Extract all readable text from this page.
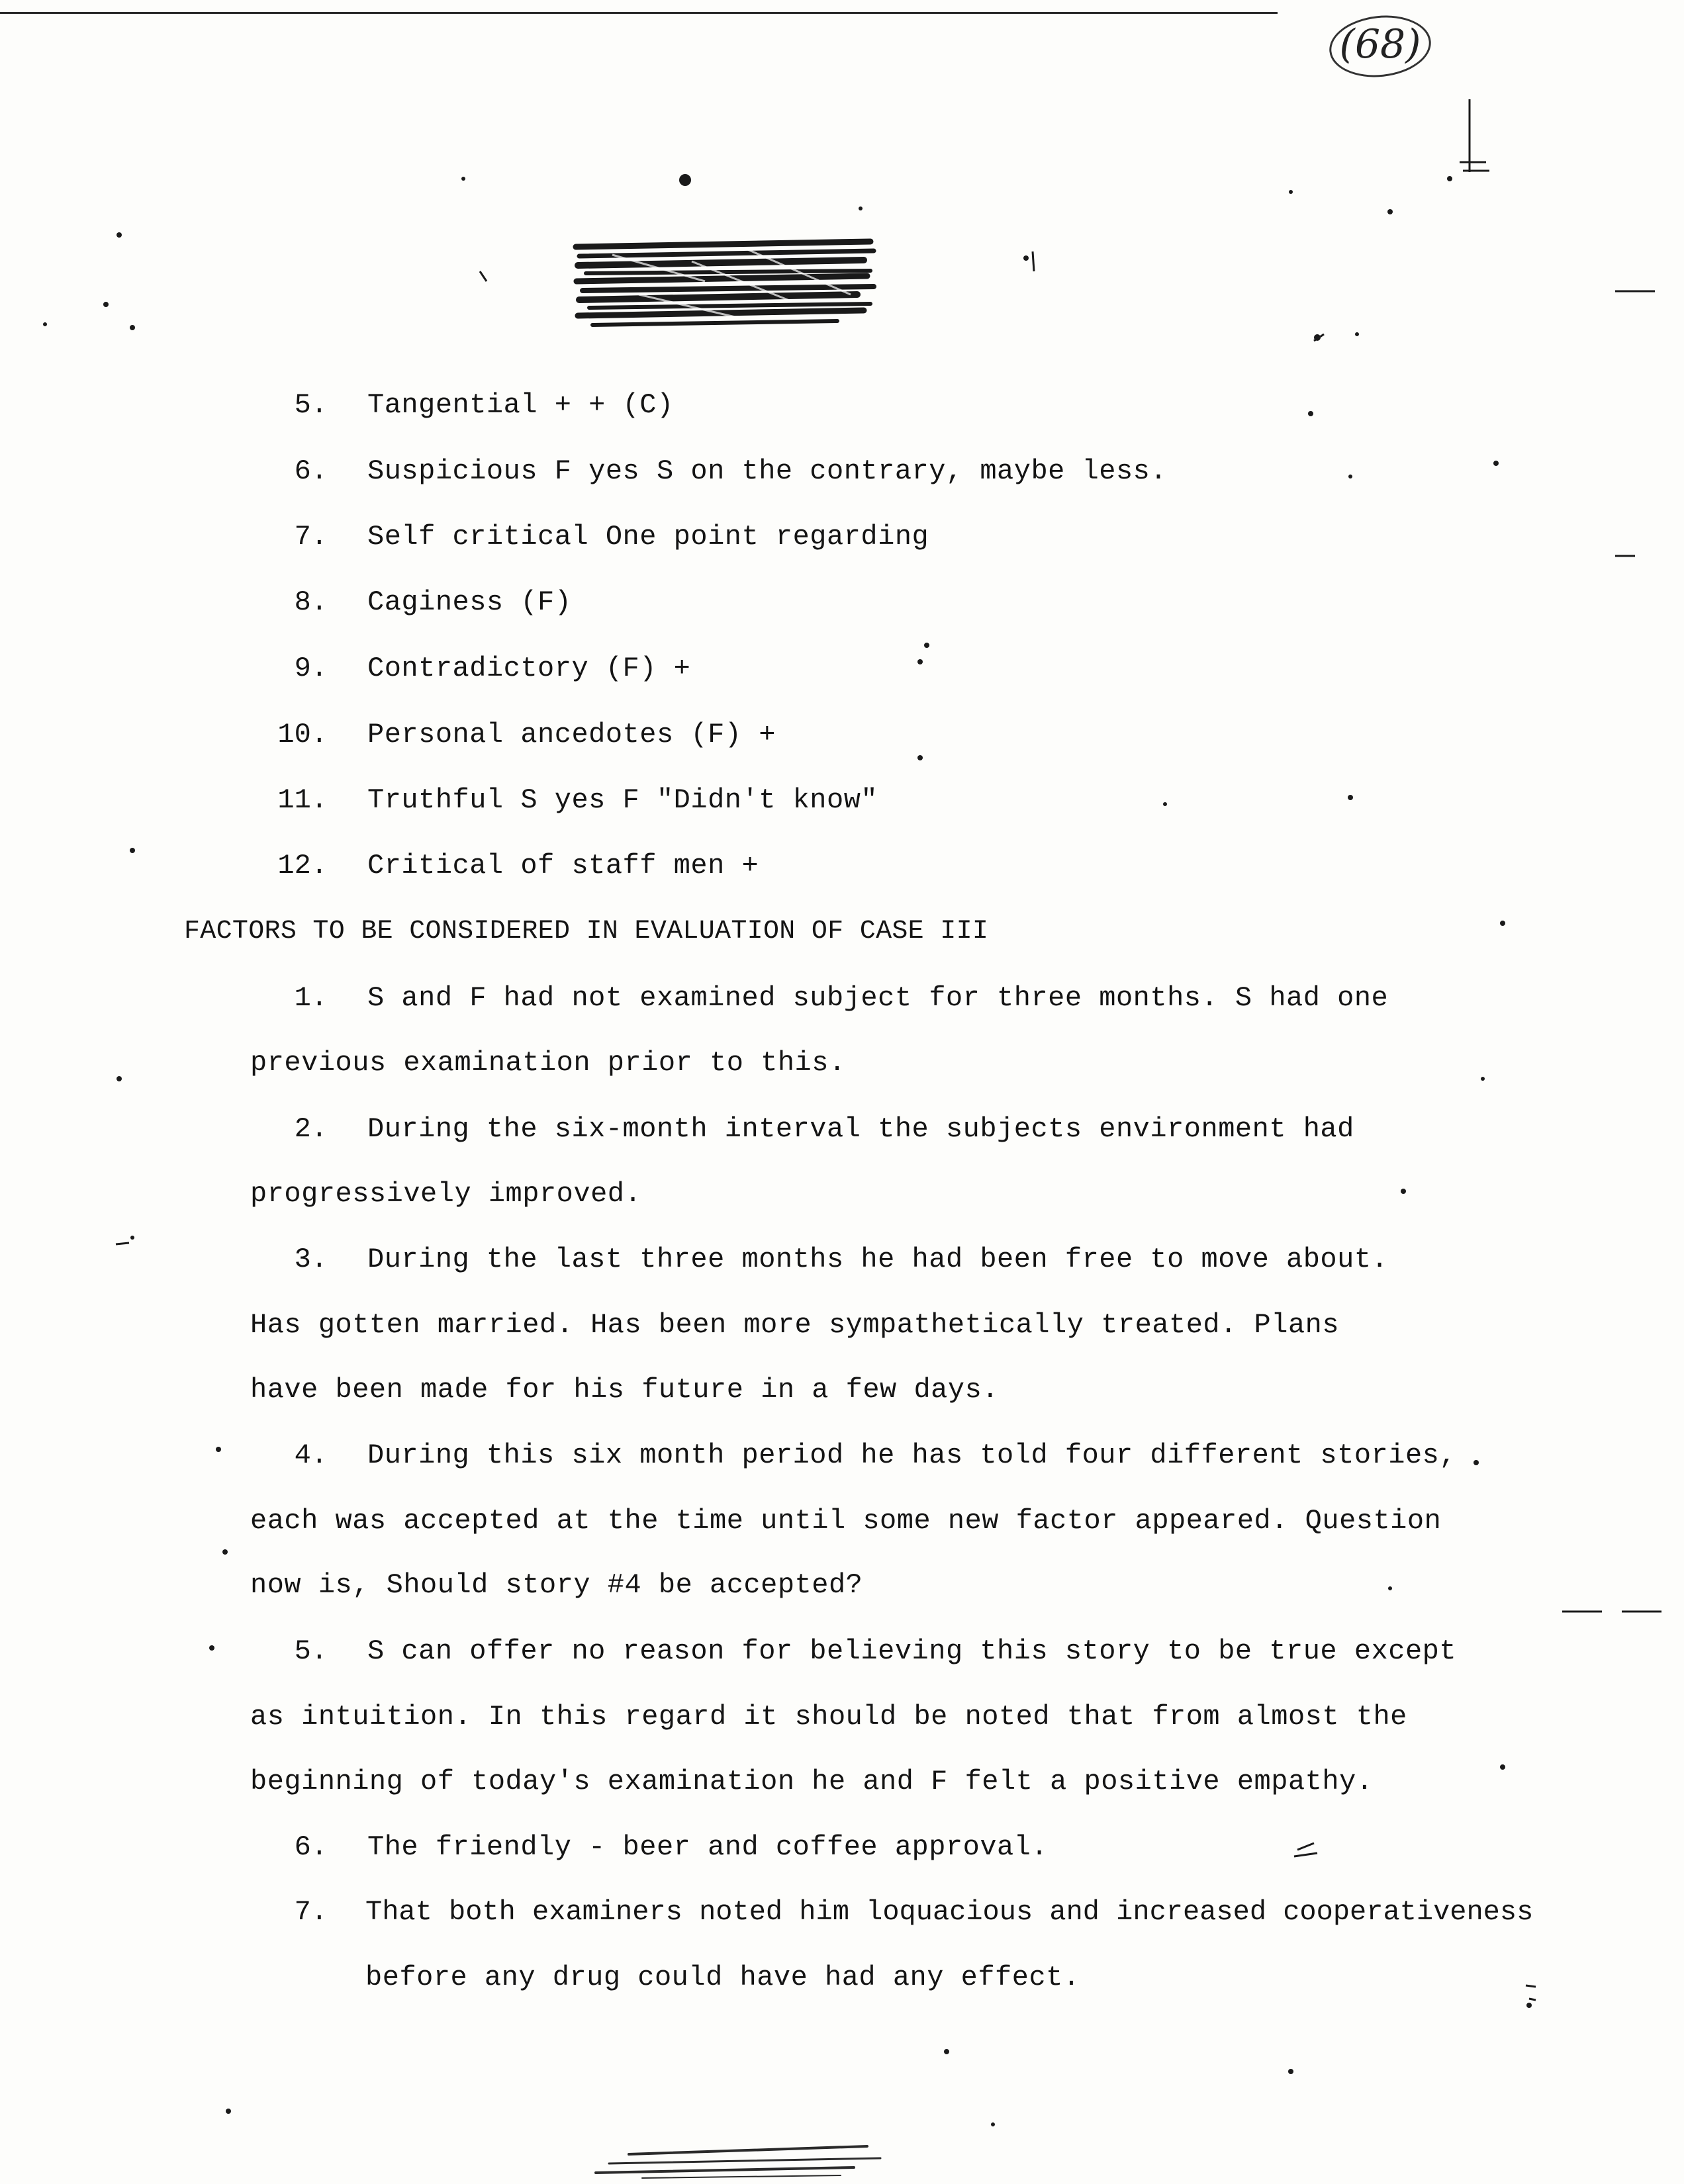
(68)
5. Tangential + + (C)
6. Suspicious F yes S on the contrary, maybe less.
7. Self critical One point regarding
8. Caginess (F)
9. Contradictory (F) +
10. Personal ancedotes (F) +
11. Truthful S yes F "Didn't know"
12. Critical of staff men +
FACTORS TO BE CONSIDERED IN EVALUATION OF CASE III
1. S and F had not examined subject for three months. S had one
previous examination prior to this.
2. During the six-month interval the subjects environment had
progressively improved.
3. During the last three months he had been free to move about.
Has gotten married. Has been more sympathetically treated. Plans
have been made for his future in a few days.
4. During this six month period he has told four different stories,
each was accepted at the time until some new factor appeared. Question
now is, Should story #4 be accepted?
5. S can offer no reason for believing this story to be true except
as intuition. In this regard it should be noted that from almost the
beginning of today's examination he and F felt a positive empathy.
6. The friendly - beer and coffee approval.
7. That both examiners noted him loquacious and increased cooperativeness
before any drug could have had any effect.
